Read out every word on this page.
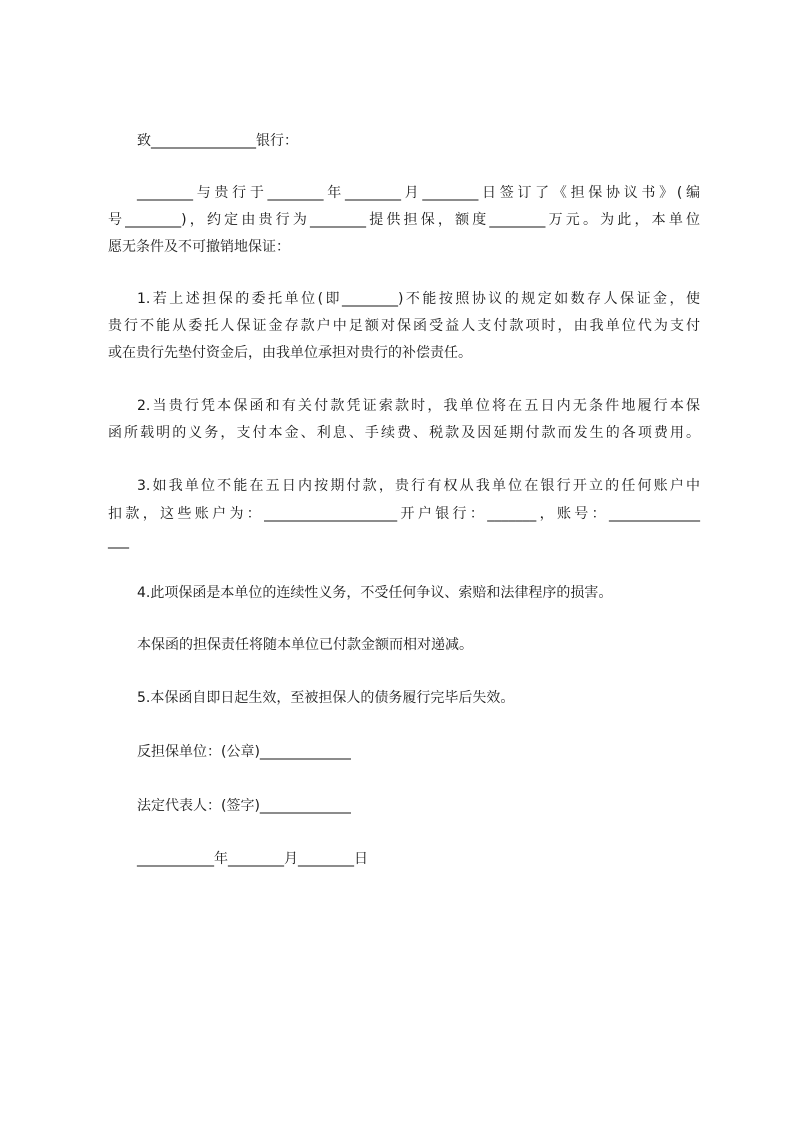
致_______________银行：

________与贵行于________年________月________日签订了《担保协议书》(编

号________)，约定由贵行为________提供担保，额度________万元。为此，本单位

愿无条件及不可撤销地保证：

1.若上述担保的委托单位(即________)不能按照协议的规定如数存人保证金，使

贵行不能从委托人保证金存款户中足额对保函受益人支付款项时，由我单位代为支付

或在贵行先垫付资金后，由我单位承担对贵行的补偿责任。

2.当贵行凭本保函和有关付款凭证索款时，我单位将在五日内无条件地履行本保

函所载明的义务，支付本金、利息、手续费、税款及因延期付款而发生的各项费用。

3.如我单位不能在五日内按期付款，贵行有权从我单位在银行开立的任何账户中

扣款，这些账户为：___________________开户银行：_______，账号：_____________

___

4.此项保函是本单位的连续性义务，不受任何争议、索赔和法律程序的损害。

本保函的担保责任将随本单位已付款金额而相对递减。

5.本保函自即日起生效，至被担保人的债务履行完毕后失效。

反担保单位：(公章)_____________

法定代表人：(签字)_____________

___________年________月________日
